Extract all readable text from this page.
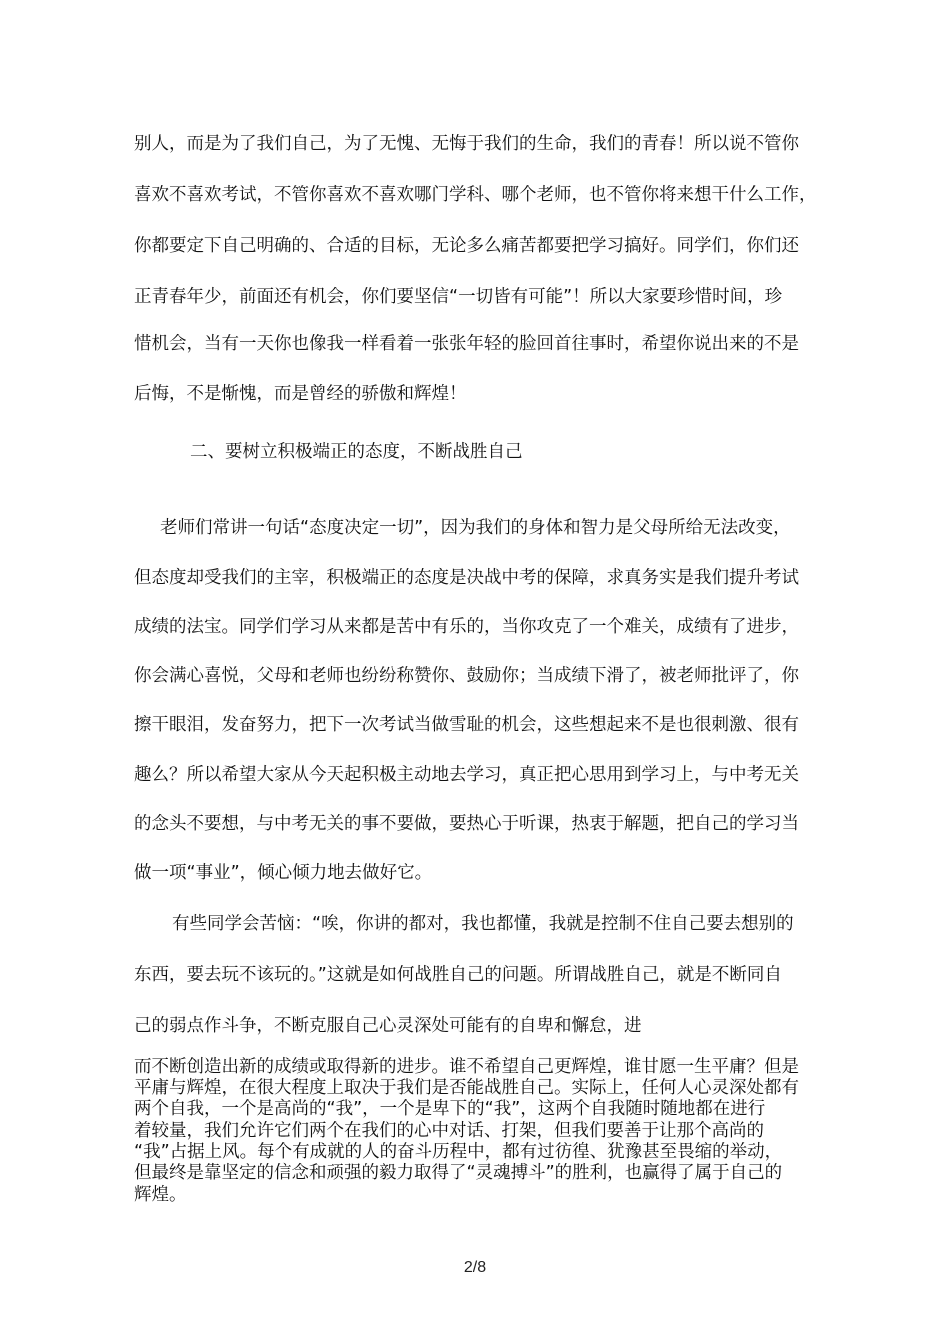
别人，而是为了我们自己，为了无愧、无悔于我们的生命，我们的青春！所以说不管你
喜欢不喜欢考试，不管你喜欢不喜欢哪门学科、哪个老师，也不管你将来想干什么工作，
你都要定下自己明确的、合适的目标，无论多么痛苦都要把学习搞好。同学们，你们还
正青春年少，前面还有机会，你们要坚信“一切皆有可能”！所以大家要珍惜时间，珍
惜机会，当有一天你也像我一样看着一张张年轻的脸回首往事时，希望你说出来的不是
后悔，不是惭愧，而是曾经的骄傲和辉煌！
二、要树立积极端正的态度，不断战胜自己
老师们常讲一句话“态度决定一切”，因为我们的身体和智力是父母所给无法改变，
但态度却受我们的主宰，积极端正的态度是决战中考的保障，求真务实是我们提升考试
成绩的法宝。同学们学习从来都是苦中有乐的，当你攻克了一个难关，成绩有了进步，
你会满心喜悦，父母和老师也纷纷称赞你、鼓励你；当成绩下滑了，被老师批评了，你
擦干眼泪，发奋努力，把下一次考试当做雪耻的机会，这些想起来不是也很刺激、很有
趣么？所以希望大家从今天起积极主动地去学习，真正把心思用到学习上，与中考无关
的念头不要想，与中考无关的事不要做，要热心于听课，热衷于解题，把自己的学习当
做一项“事业”，倾心倾力地去做好它。
有些同学会苦恼：“唉，你讲的都对，我也都懂，我就是控制不住自己要去想别的
东西，要去玩不该玩的。”这就是如何战胜自己的问题。所谓战胜自己，就是不断同自
己的弱点作斗争，不断克服自己心灵深处可能有的自卑和懈怠，进
而不断创造出新的成绩或取得新的进步。谁不希望自己更辉煌，谁甘愿一生平庸？但是
平庸与辉煌，在很大程度上取决于我们是否能战胜自己。实际上，任何人心灵深处都有
两个自我，一个是高尚的“我”，一个是卑下的“我”，这两个自我随时随地都在进行
着较量，我们允许它们两个在我们的心中对话、打架，但我们要善于让那个高尚的
“我”占据上风。每个有成就的人的奋斗历程中，都有过彷徨、犹豫甚至畏缩的举动，
但最终是靠坚定的信念和顽强的毅力取得了“灵魂搏斗”的胜利，也赢得了属于自己的
辉煌。
2/8
